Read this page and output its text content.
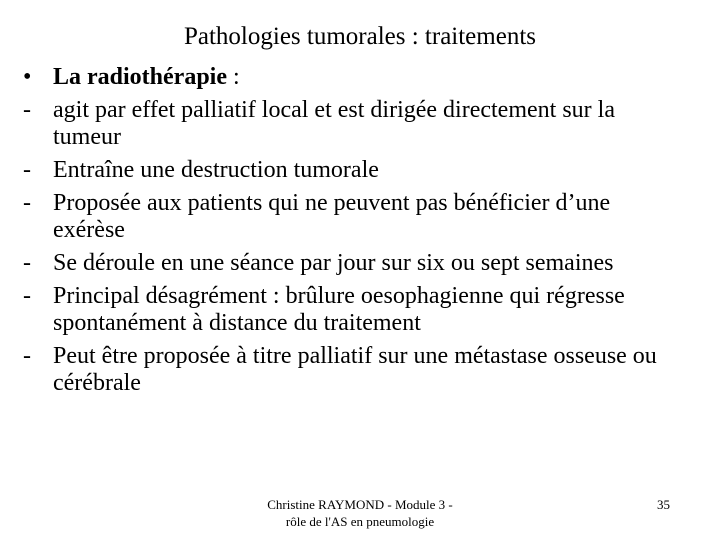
Pathologies tumorales : traitements
• La radiothérapie :
- agit par effet palliatif local et est dirigée directement sur la tumeur
- Entraîne une destruction tumorale
- Proposée aux patients qui ne peuvent pas bénéficier d’une exérèse
- Se déroule en une séance par jour sur six ou sept semaines
- Principal désagrément : brûlure oesophagienne qui régresse spontanément à distance du traitement
- Peut être proposée à titre palliatif sur une métastase osseuse ou cérébrale
Christine RAYMOND - Module 3 -
rôle de l'AS en pneumologie
35
